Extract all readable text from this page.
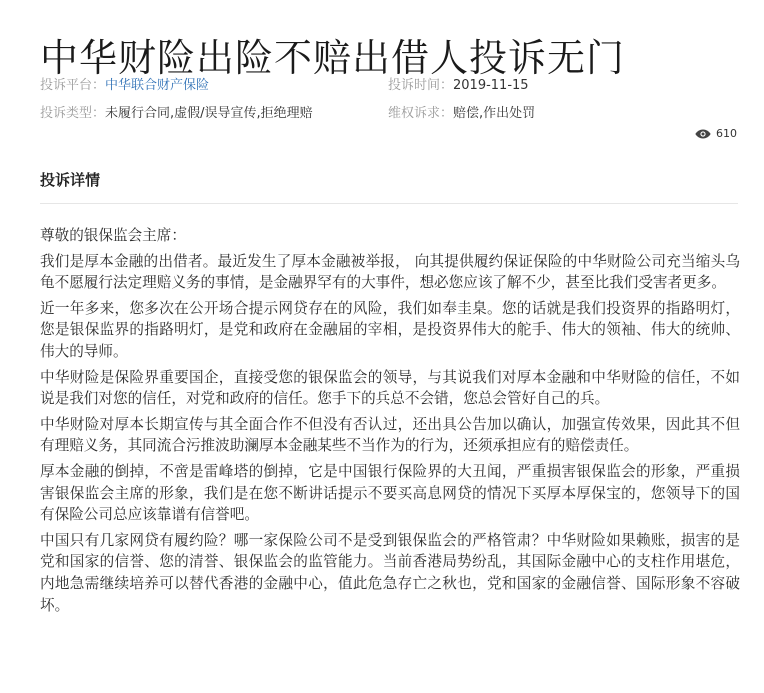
中华财险出险不赔出借人投诉无门
投诉平台：中华联合财产保险	投诉时间：2019-11-15
投诉类型：未履行合同,虚假/误导宣传,拒绝理赔	维权诉求：赔偿,作出处罚
610
投诉详情

尊敬的银保监会主席：

我们是厚本金融的出借者。最近发生了厚本金融被举报， 向其提供履约保证保险的中华财险公司充当缩头乌龟不愿履行法定理赔义务的事情，是金融界罕有的大事件，想必您应该了解不少，甚至比我们受害者更多。

近一年多来，您多次在公开场合提示网贷存在的风险，我们如奉圭臬。您的话就是我们投资界的指路明灯，您是银保监界的指路明灯，是党和政府在金融届的宰相，是投资界伟大的舵手、伟大的领袖、伟大的统帅、伟大的导师。

中华财险是保险界重要国企，直接受您的银保监会的领导，与其说我们对厚本金融和中华财险的信任，不如说是我们对您的信任，对党和政府的信任。您手下的兵总不会错，您总会管好自己的兵。

中华财险对厚本长期宣传与其全面合作不但没有否认过，还出具公告加以确认，加强宣传效果，因此其不但有理赔义务，其同流合污推波助澜厚本金融某些不当作为的行为，还须承担应有的赔偿责任。

厚本金融的倒掉，不啻是雷峰塔的倒掉，它是中国银行保险界的大丑闻，严重损害银保监会的形象，严重损害银保监会主席的形象，我们是在您不断讲话提示不要买高息网贷的情况下买厚本厚保宝的，您领导下的国有保险公司总应该靠谱有信誉吧。

中国只有几家网贷有履约险？哪一家保险公司不是受到银保监会的严格管肃？中华财险如果赖账，损害的是党和国家的信誉、您的清誉、银保监会的监管能力。当前香港局势纷乱，其国际金融中心的支柱作用堪危，内地急需继续培养可以替代香港的金融中心，值此危急存亡之秋也，党和国家的金融信誉、国际形象不容破坏。
